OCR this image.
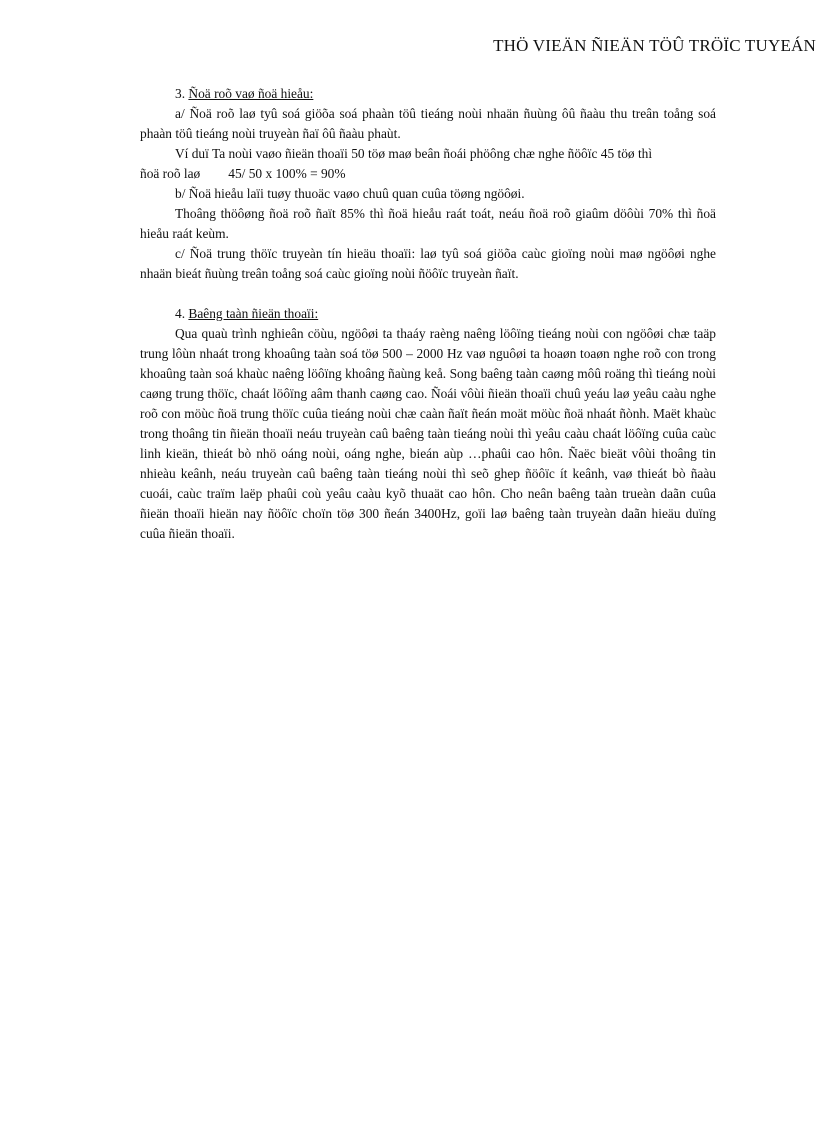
THÖ VIEÄN ÑIEÄN TÖÛ TRÖÏC TUYEÁN

3. Ñoä roõ vaø ñoä hieåu:

a/ Ñoä roõ laø tyû soá giöõa soá phaàn töû tieáng noùi nhaän ñuùng ôû ñaàu thu treân toång soá phaàn töû tieáng noùi truyeàn ñaï ôû ñaàu phaùt.

Ví duï Ta noùi vaøo ñieän thoaïi 50 töø maø beân ñoái phöông chæ nghe ñöôïc 45 töø thì

ñoä roõ laø 45/ 50 x 100% = 90%

b/ Ñoä hieåu laïi tuøy thuoäc vaøo chuû quan cuûa töøng ngöôøi.

Thoâng thöôøng ñoä roõ ñaït 85% thì ñoä hieåu raát toát, neáu ñoä roõ giaûm döôùi 70% thì ñoä hieåu raát keùm.

c/ Ñoä trung thöïc truyeàn tín hieäu thoaïi: laø tyû soá giöõa caùc gioïng noùi maø ngöôøi nghe nhaän bieát ñuùng treân toång soá caùc gioïng noùi ñöôïc truyeàn ñaït.

4. Baêng taàn ñieän thoaïi:

Qua quaù trình nghieân cöùu, ngöôøi ta thaáy raèng naêng löôïng tieáng noùi con ngöôøi chæ taäp trung lôùn nhaát trong khoaûng taàn soá töø 500 – 2000 Hz vaø nguôøi ta hoaøn toaøn nghe roõ con trong khoaûng taàn soá khaùc naêng löôïng khoâng ñaùng keå. Song baêng taàn caøng môû roäng thì tieáng noùi caøng trung thöïc, chaát löôïng aâm thanh caøng cao. Ñoái vôùi ñieän thoaïi chuû yeáu laø yeâu caàu nghe roõ con möùc ñoä trung thöïc cuûa tieáng noùi chæ caàn ñaït ñeán moät möùc ñoä nhaát ñònh. Maët khaùc trong thoâng tin ñieän thoaïi neáu truyeàn caû baêng taàn tieáng noùi thì yeâu caàu chaát löôïng cuûa caùc linh kieän, thieát bò nhö oáng noùi, oáng nghe, bieán aùp …phaûi cao hôn. Ñaëc bieät vôùi thoâng tin nhieàu keânh, neáu truyeàn caû baêng taàn tieáng noùi thì seõ ghep ñöôïc ít keânh, vaø thieát bò ñaàu cuoái, caùc traïm laëp phaûi coù yeâu caàu kyõ thuaät cao hôn. Cho neân baêng taàn trueàn daãn cuûa ñieän thoaïi hieän nay ñöôïc choïn töø 300 ñeán 3400Hz, goïi laø baêng taàn truyeàn daãn hieäu duïng cuûa ñieän thoaïi.
